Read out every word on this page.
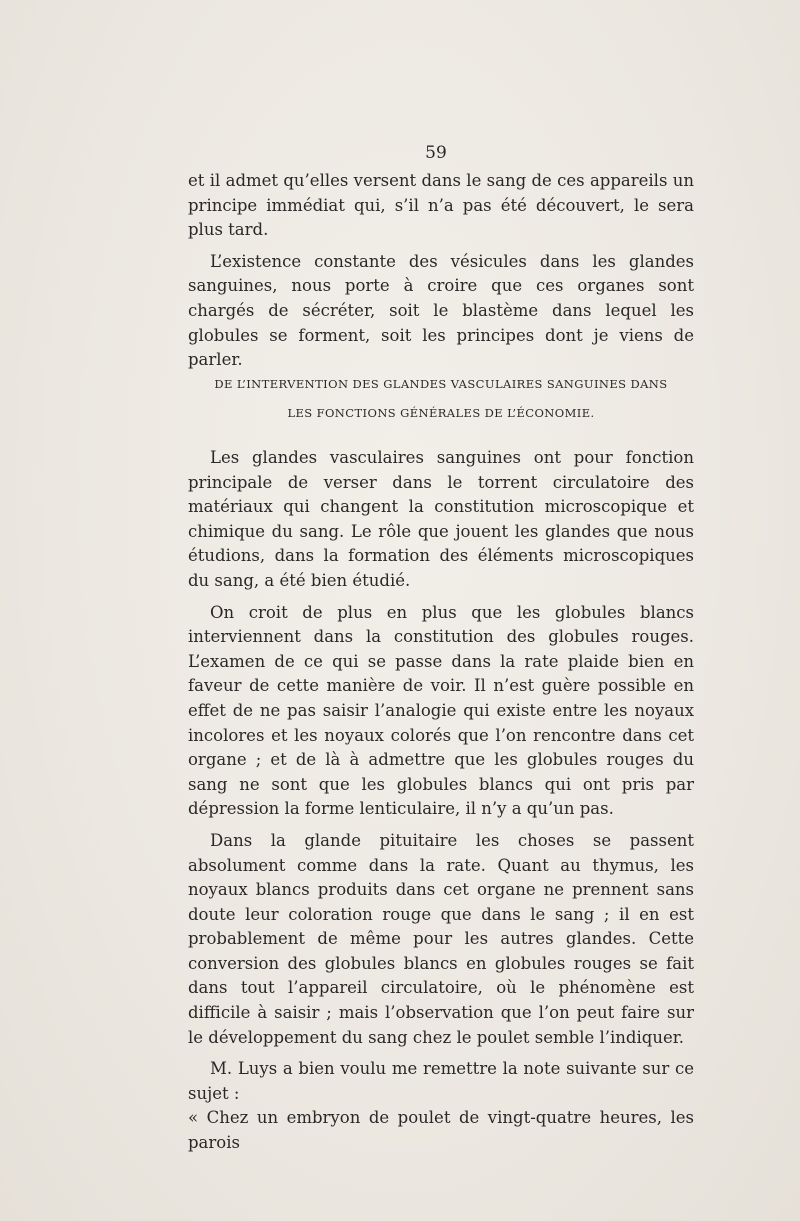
59

et il admet qu’elles versent dans le sang de ces appareils un principe immédiat qui, s’il n’a pas été découvert, le sera plus tard.

L’existence constante des vésicules dans les glandes sanguines, nous porte à croire que ces organes sont chargés de sécréter, soit le blastème dans lequel les globules se forment, soit les principes dont je viens de parler.

DE L’INTERVENTION DES GLANDES VASCULAIRES SANGUINES DANS
LES FONCTIONS GÉNÉRALES DE L’ÉCONOMIE.

Les glandes vasculaires sanguines ont pour fonction principale de verser dans le torrent circulatoire des matériaux qui changent la constitution microscopique et chimique du sang. Le rôle que jouent les glandes que nous étudions, dans la formation des éléments microscopiques du sang, a été bien étudié.

On croit de plus en plus que les globules blancs interviennent dans la constitution des globules rouges. L’examen de ce qui se passe dans la rate plaide bien en faveur de cette manière de voir. Il n’est guère possible en effet de ne pas saisir l’analogie qui existe entre les noyaux incolores et les noyaux colorés que l’on rencontre dans cet organe ; et de là à admettre que les globules rouges du sang ne sont que les globules blancs qui ont pris par dépression la forme lenticulaire, il n’y a qu’un pas.

Dans la glande pituitaire les choses se passent absolument comme dans la rate. Quant au thymus, les noyaux blancs produits dans cet organe ne prennent sans doute leur coloration rouge que dans le sang ; il en est probablement de même pour les autres glandes. Cette conversion des globules blancs en globules rouges se fait dans tout l’appareil circulatoire, où le phénomène est difficile à saisir ; mais l’observation que l’on peut faire sur le développement du sang chez le poulet semble l’indiquer.

M. Luys a bien voulu me remettre la note suivante sur ce sujet :

« Chez un embryon de poulet de vingt-quatre heures, les parois
